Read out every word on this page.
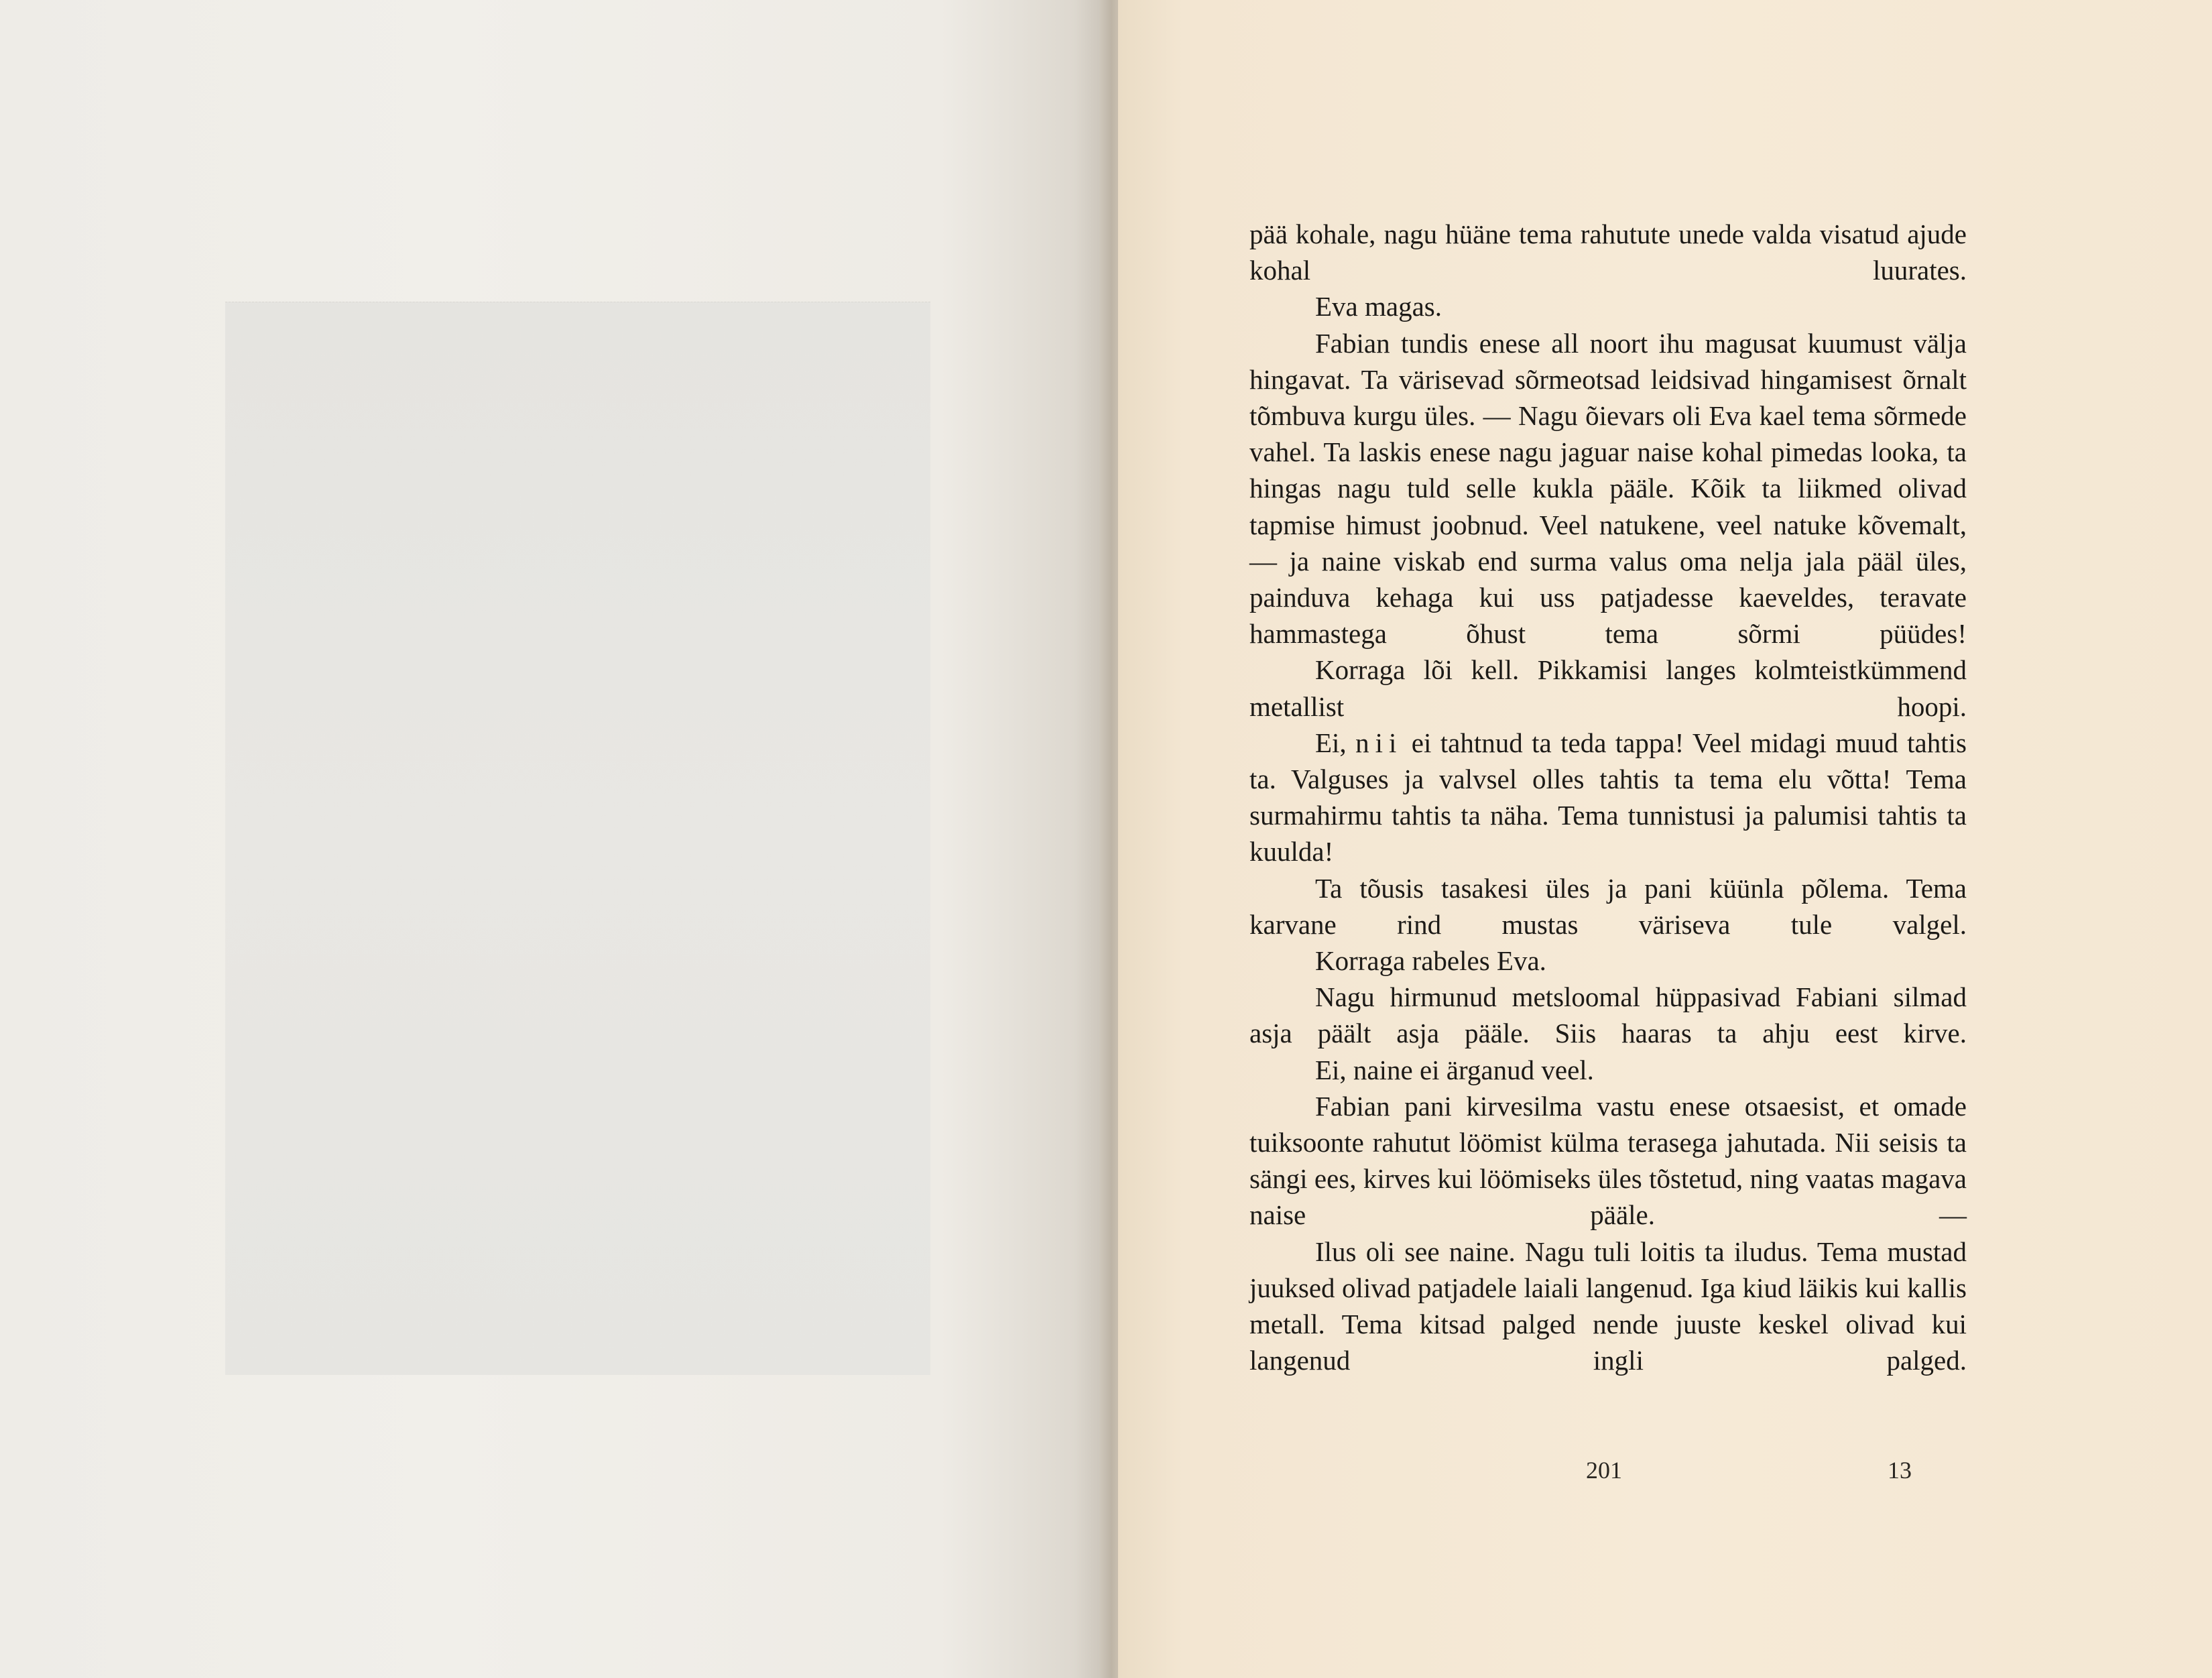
pää kohale, nagu hüäne tema rahutute unede valda visatud ajude kohal luurates.

Eva magas.

Fabian tundis enese all noort ihu magusat kuumust välja hingavat. Ta värisevad sõrmeotsad leidsivad hingamisest õrnalt tõmbuva kurgu üles. — Nagu õievars oli Eva kael tema sõrmede vahel. Ta laskis enese nagu jaguar naise kohal pimedas looka, ta hingas nagu tuld selle kukla pääle. Kõik ta liikmed olivad tapmise himust joobnud. Veel natukene, veel natuke kõvemalt, — ja naine viskab end surma valus oma nelja jala pääl üles, painduva kehaga kui uss patjadesse kaeveldes, teravate hammastega õhust tema sõrmi püüdes!

Korraga lõi kell. Pikkamisi langes kolmteistkümmend metallist hoopi.

Ei, nii ei tahtnud ta teda tappa! Veel midagi muud tahtis ta. Valguses ja valvsel olles tahtis ta tema elu võtta! Tema surmahirmu tahtis ta näha. Tema tunnistusi ja palumisi tahtis ta kuulda!

Ta tõusis tasakesi üles ja pani küünla põlema. Tema karvane rind mustas väriseva tule valgel.

Korraga rabeles Eva.

Nagu hirmunud metsloomal hüppasivad Fabiani silmad asja päält asja pääle. Siis haaras ta ahju eest kirve.

Ei, naine ei ärganud veel.

Fabian pani kirvesilma vastu enese otsaesist, et omade tuiksoonte rahutut löömist külma terasega jahutada. Nii seisis ta sängi ees, kirves kui löömiseks üles tõstetud, ning vaatas magava naise pääle. —

Ilus oli see naine. Nagu tuli loitis ta iludus. Tema mustad juuksed olivad patjadele laiali langenud. Iga kiud läikis kui kallis metall. Tema kitsad palged nende juuste keskel olivad kui langenud ingli palged.

201	13
